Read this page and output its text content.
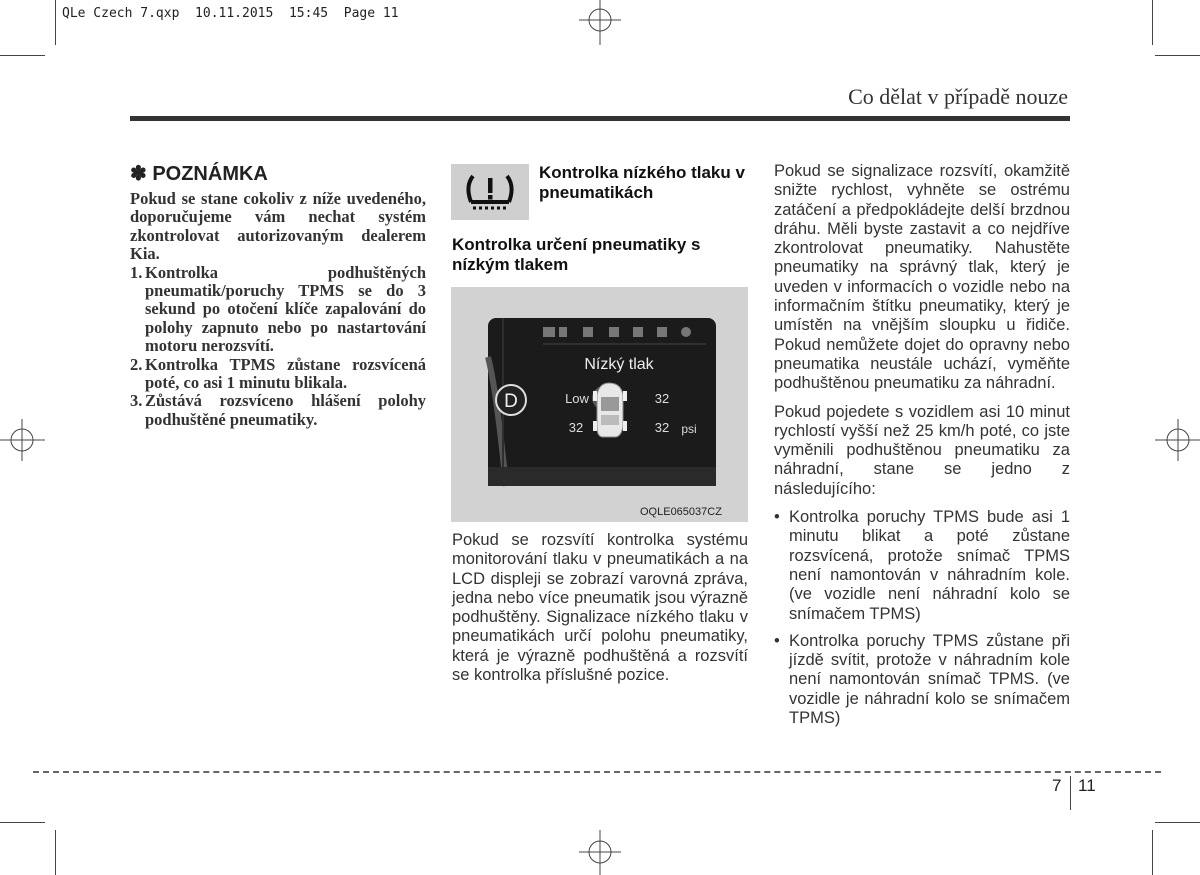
QLe Czech 7.qxp  10.11.2015  15:45  Page 11
Co dělat v případě nouze
✽ POZNÁMKA

Pokud se stane cokoliv z níže uvedeného, doporučujeme vám nechat systém zkontrolovat autorizovaným dealerem Kia.

1. Kontrolka podhuštěných pneumatik/poruchy TPMS se do 3 sekund po otočení klíče zapalování do polohy zapnuto nebo po nastartování motoru nerozsvítí.
2. Kontrolka TPMS zůstane rozsvícená poté, co asi 1 minutu blikala.
3. Zůstává rozsvíceno hlášení polohy podhuštěné pneumatiky.
Kontrolka nízkého tlaku v pneumatikách
Kontrolka určení pneumatiky s nízkým tlakem
D
Nízký tlak
Low	32
32	32 psi
OQLE065037CZ
Pokud se rozsvítí kontrolka systému monitorování tlaku v pneumatikách a na LCD displeji se zobrazí varovná zpráva, jedna nebo více pneumatik jsou výrazně podhuštěny. Signalizace nízkého tlaku v pneumatikách určí polohu pneumatiky, která je výrazně podhuštěná a rozsvítí se kontrolka příslušné pozice.

Pokud se signalizace rozsvítí, okamžitě snižte rychlost, vyhněte se ostrému zatáčení a předpokládejte delší brzdnou dráhu. Měli byste zastavit a co nejdříve zkontrolovat pneumatiky. Nahustěte pneumatiky na správný tlak, který je uveden v informacích o vozidle nebo na informačním štítku pneumatiky, který je umístěn na vnějším sloupku u řidiče. Pokud nemůžete dojet do opravny nebo pneumatika neustále uchází, vyměňte podhuštěnou pneumatiku za náhradní.

Pokud pojedete s vozidlem asi 10 minut rychlostí vyšší než 25 km/h poté, co jste vyměnili podhuštěnou pneumatiku za náhradní, stane se jedno z následujícího:

• Kontrolka poruchy TPMS bude asi 1 minutu blikat a poté zůstane rozsvícená, protože snímač TPMS není namontován v náhradním kole. (ve vozidle není náhradní kolo se snímačem TPMS)
• Kontrolka poruchy TPMS zůstane při jízdě svítit, protože v náhradním kole není namontován snímač TPMS. (ve vozidle je náhradní kolo se snímačem TPMS)
7 11
